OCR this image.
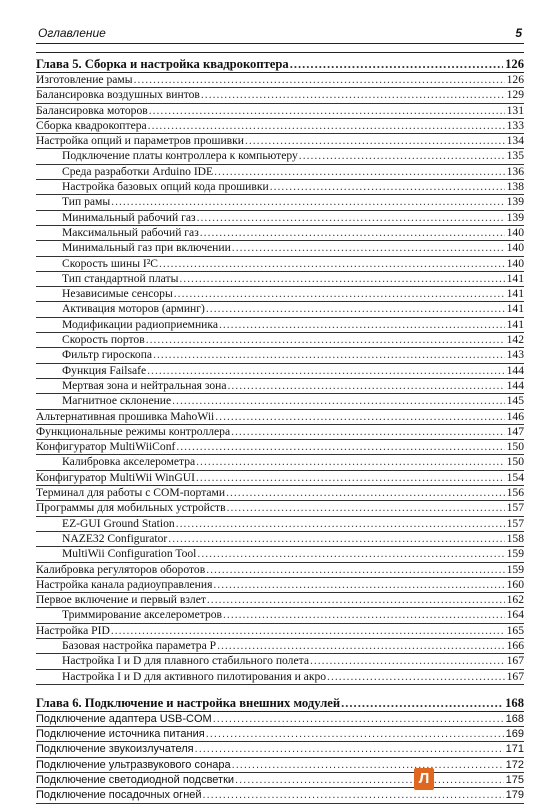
Оглавление	5
Глава 5. Сборка и настройка квадрокоптера .....	126
Изготовление рамы .....	126
Балансировка воздушных винтов .....	129
Балансировка моторов .....	131
Сборка квадрокоптера .....	133
Настройка опций и параметров прошивки .....	134
Подключение платы контроллера к компьютеру .....	135
Среда разработки Arduino IDE .....	136
Настройка базовых опций кода прошивки .....	138
Тип рамы .....	139
Минимальный рабочий газ .....	139
Максимальный рабочий газ .....	140
Минимальный газ при включении .....	140
Скорость шины I²C .....	140
Тип стандартной платы .....	141
Независимые сенсоры .....	141
Активация моторов (арминг) .....	141
Модификации радиоприемника .....	141
Скорость портов .....	142
Фильтр гироскопа .....	143
Функция Failsafe .....	144
Мертвая зона и нейтральная зона .....	144
Магнитное склонение .....	145
Альтернативная прошивка MahoWii .....	146
Функциональные режимы контроллера .....	147
Конфигуратор MultiWiiConf .....	150
Калибровка акселерометра .....	150
Конфигуратор MultiWii WinGUI .....	154
Терминал для работы с COM-портами .....	156
Программы для мобильных устройств .....	157
EZ-GUI Ground Station .....	157
NAZE32 Configurator .....	158
MultiWii Configuration Tool .....	159
Калибровка регуляторов оборотов .....	159
Настройка канала радиоуправления .....	160
Первое включение и первый взлет .....	162
Триммирование акселерометров .....	164
Настройка PID .....	165
Базовая настройка параметра P .....	166
Настройка I и D для плавного стабильного полета .....	167
Настройка I и D для активного пилотирования и акро .....	167
Глава 6. Подключение и настройка внешних модулей .....	168
Подключение адаптера USB-COM .....	168
Подключение источника питания .....	169
Подключение звукоизлучателя .....	171
Подключение ультразвукового сонара .....	172
Подключение светодиодной подсветки .....	175
Подключение посадочных огней .....	179
Л
